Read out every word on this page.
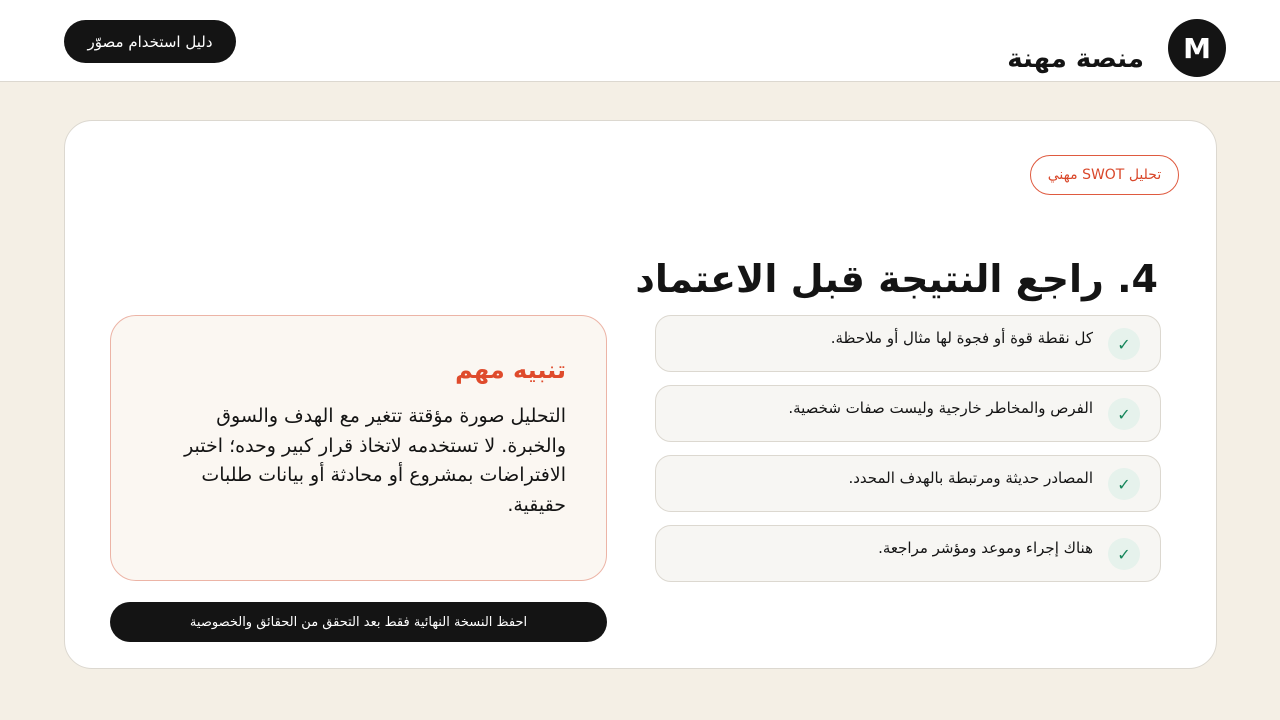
M
منصة مهنة
دليل استخدام مصوّر
تحليل SWOT مهني
4. راجع النتيجة قبل الاعتماد
✓
كل نقطة قوة أو فجوة لها مثال أو ملاحظة.
✓
الفرص والمخاطر خارجية وليست صفات شخصية.
✓
المصادر حديثة ومرتبطة بالهدف المحدد.
✓
هناك إجراء وموعد ومؤشر مراجعة.
تنبيه مهم

التحليل صورة مؤقتة تتغير مع الهدف والسوق والخبرة. لا تستخدمه لاتخاذ قرار كبير وحده؛ اختبر الافتراضات بمشروع أو محادثة أو بيانات طلبات حقيقية.

احفظ النسخة النهائية فقط بعد التحقق من الحقائق والخصوصية
